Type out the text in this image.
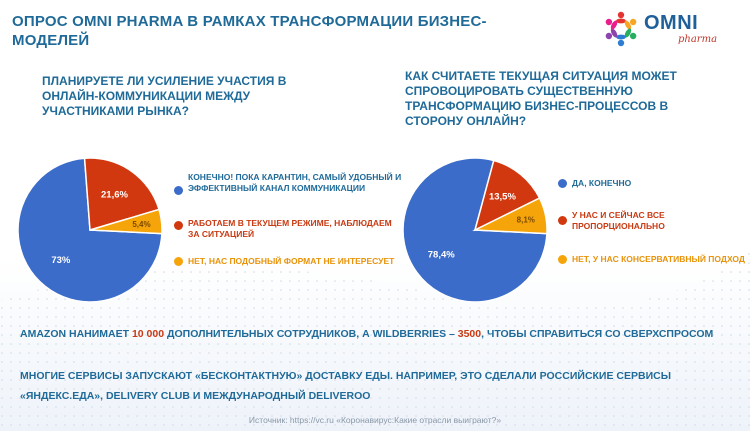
ОПРОС OMNI PHARMA В РАМКАХ ТРАНСФОРМАЦИИ БИЗНЕС-МОДЕЛЕЙ
OMNI
pharma
ПЛАНИРУЕТЕ ЛИ УСИЛЕНИЕ УЧАСТИЯ В ОНЛАЙН-КОММУНИКАЦИИ МЕЖДУ УЧАСТНИКАМИ РЫНКА?
КАК СЧИТАЕТЕ ТЕКУЩАЯ СИТУАЦИЯ МОЖЕТ СПРОВОЦИРОВАТЬ СУЩЕСТВЕННУЮ ТРАНСФОРМАЦИЮ БИЗНЕС-ПРОЦЕССОВ В СТОРОНУ ОНЛАЙН?
73%
21,6%
5,4%
78,4%
13,5%
8,1%
КОНЕЧНО! ПОКА КАРАНТИН, САМЫЙ УДОБНЫЙ И ЭФФЕКТИВНЫЙ КАНАЛ КОММУНИКАЦИИ
РАБОТАЕМ В ТЕКУЩЕМ РЕЖИМЕ, НАБЛЮДАЕМ ЗА СИТУАЦИЕЙ
НЕТ, НАС ПОДОБНЫЙ ФОРМАТ НЕ ИНТЕРЕСУЕТ
ДА, КОНЕЧНО
У НАС И СЕЙЧАС ВСЕ ПРОПОРЦИОНАЛЬНО
НЕТ, У НАС КОНСЕРВАТИВНЫЙ ПОДХОД
AMAZON НАНИМАЕТ 10 000 ДОПОЛНИТЕЛЬНЫХ СОТРУДНИКОВ, А WILDBERRIES – 3500, ЧТОБЫ СПРАВИТЬСЯ СО СВЕРХСПРОСОМ
МНОГИЕ СЕРВИСЫ ЗАПУСКАЮТ «БЕСКОНТАКТНУЮ» ДОСТАВКУ ЕДЫ. НАПРИМЕР, ЭТО СДЕЛАЛИ РОССИЙСКИЕ СЕРВИСЫ «ЯНДЕКС.ЕДА», DELIVERY CLUB И МЕЖДУНАРОДНЫЙ DELIVEROO
Источник: https://vc.ru «Коронавирус:Какие отрасли выиграют?»
